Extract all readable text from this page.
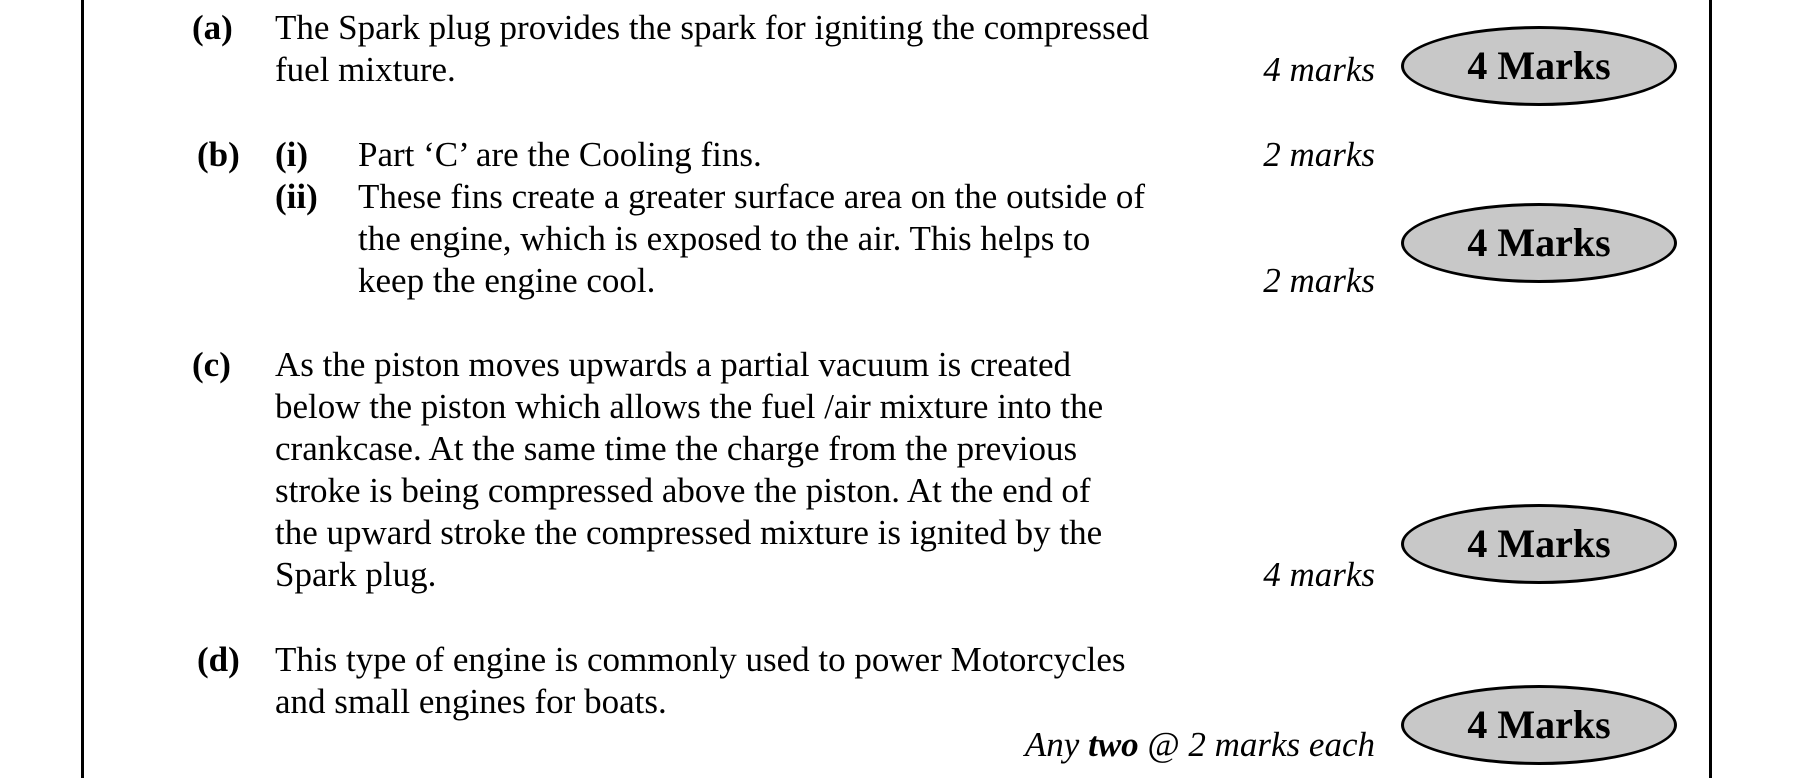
(a) The Spark plug provides the spark for igniting the compressed
fuel mixture.	4 marks	4 Marks
(b) (i) Part ‘C’ are the Cooling fins.	2 marks
(ii) These fins create a greater surface area on the outside of
the engine, which is exposed to the air. This helps to
keep the engine cool.	2 marks
4 Marks
(c) As the piston moves upwards a partial vacuum is created
below the piston which allows the fuel /air mixture into the
crankcase. At the same time the charge from the previous
stroke is being compressed above the piston. At the end of
the upward stroke the compressed mixture is ignited by the
Spark plug.	4 marks
4 Marks
(d) This type of engine is commonly used to power Motorcycles
and small engines for boats.
Any two @ 2 marks each	4 Marks
